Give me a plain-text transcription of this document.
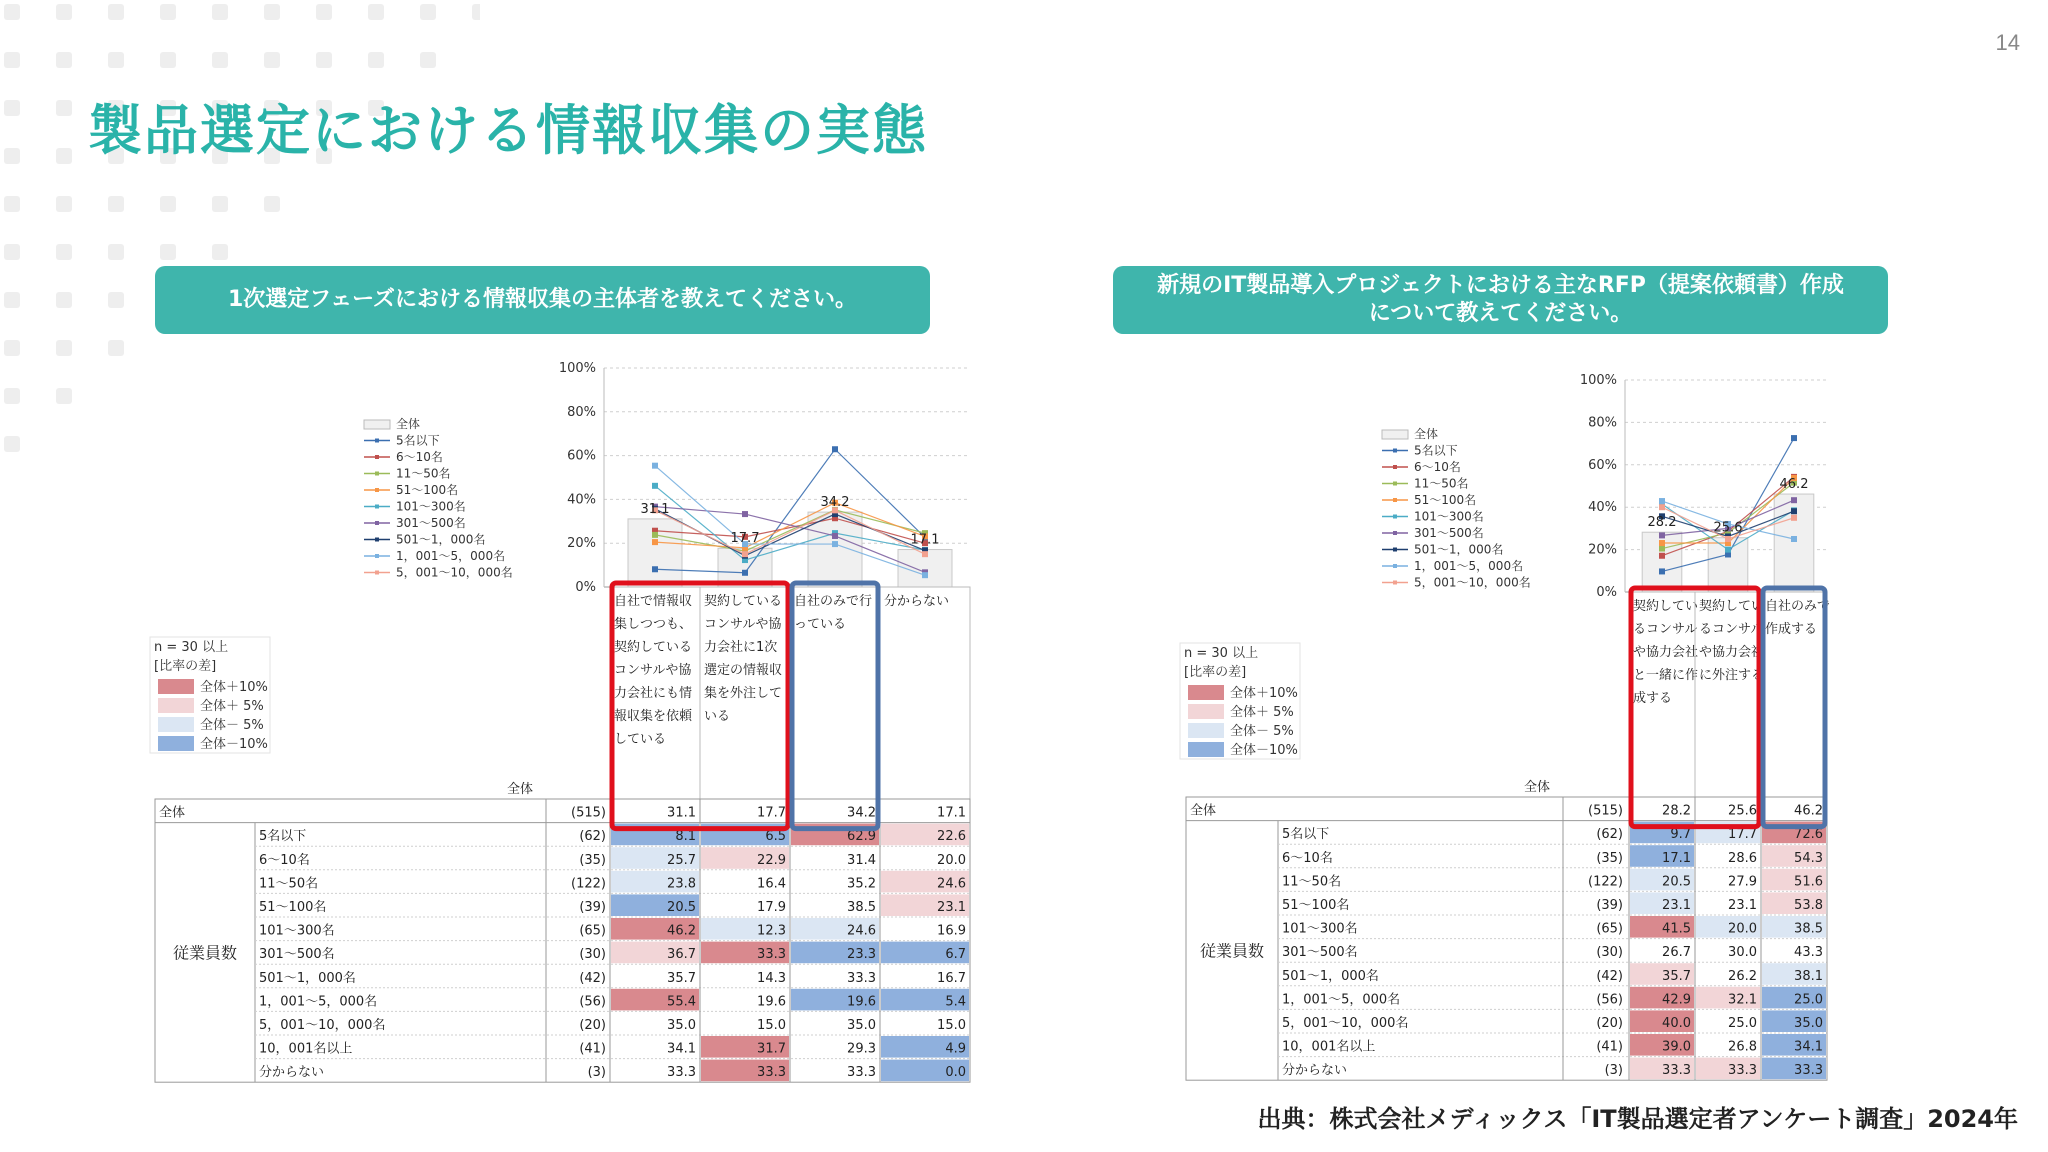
14
製品選定における情報収集の実態
1次選定フェーズにおける情報収集の主体者を教えてください。
新規のIT製品導入プロジェクトにおける主なRFP（提案依頼書）作成
について教えてください。
全体
5名以下
6～10名
11～50名
51～100名
101～300名
301～500名
501～1，000名
1，001～5，000名
5，001～10，000名
n = 30 以上
[比率の差]
全体＋10%
全体＋ 5%
全体－ 5%
全体－10%
0%
20%
40%
60%
80%
100%
31.1
17.7
34.2
17.1
自社で情報収集しつつも、契約しているコンサルや協力会社にも情報収集を依頼している
契約しているコンサルや協力会社に1次選定の情報収集を外注している
自社のみで行っている
分からない
全体
全体	(515)	31.1	17.7	34.2	17.1
従業員数
5名以下	(62)	8.1	6.5	62.9	22.6
6～10名	(35)	25.7	22.9	31.4	20.0
11～50名	(122)	23.8	16.4	35.2	24.6
51～100名	(39)	20.5	17.9	38.5	23.1
101～300名	(65)	46.2	12.3	24.6	16.9
301～500名	(30)	36.7	33.3	23.3	6.7
501～1，000名	(42)	35.7	14.3	33.3	16.7
1，001～5，000名	(56)	55.4	19.6	19.6	5.4
5，001～10，000名	(20)	35.0	15.0	35.0	15.0
10，001名以上	(41)	34.1	31.7	29.3	4.9
分からない	(3)	33.3	33.3	33.3	0.0
全体
5名以下
6～10名
11～50名
51～100名
101～300名
301～500名
501～1，000名
1，001～5，000名
5，001～10，000名
n = 30 以上
[比率の差]
全体＋10%
全体＋ 5%
全体－ 5%
全体－10%
0%
20%
40%
60%
80%
100%
28.2	25.6
46.2
契約しているコンサルや協力会社と一緒に作成する
契約しているコンサルや協力会社に外注する
自社のみで作成する
全体
全体	(515)	28.2	25.6	46.2
従業員数
5名以下	(62)	9.7	17.7	72.6
6～10名	(35)	17.1	28.6	54.3
11～50名	(122)	20.5	27.9	51.6
51～100名	(39)	23.1	23.1	53.8
101～300名	(65)	41.5	20.0	38.5
301～500名	(30)	26.7	30.0	43.3
501～1，000名	(42)	35.7	26.2	38.1
1，001～5，000名	(56)	42.9	32.1	25.0
5，001～10，000名	(20)	40.0	25.0	35.0
10，001名以上	(41)	39.0	26.8	34.1
分からない	(3)	33.3	33.3	33.3
出典：株式会社メディックス「IT製品選定者アンケート調査」2024年
